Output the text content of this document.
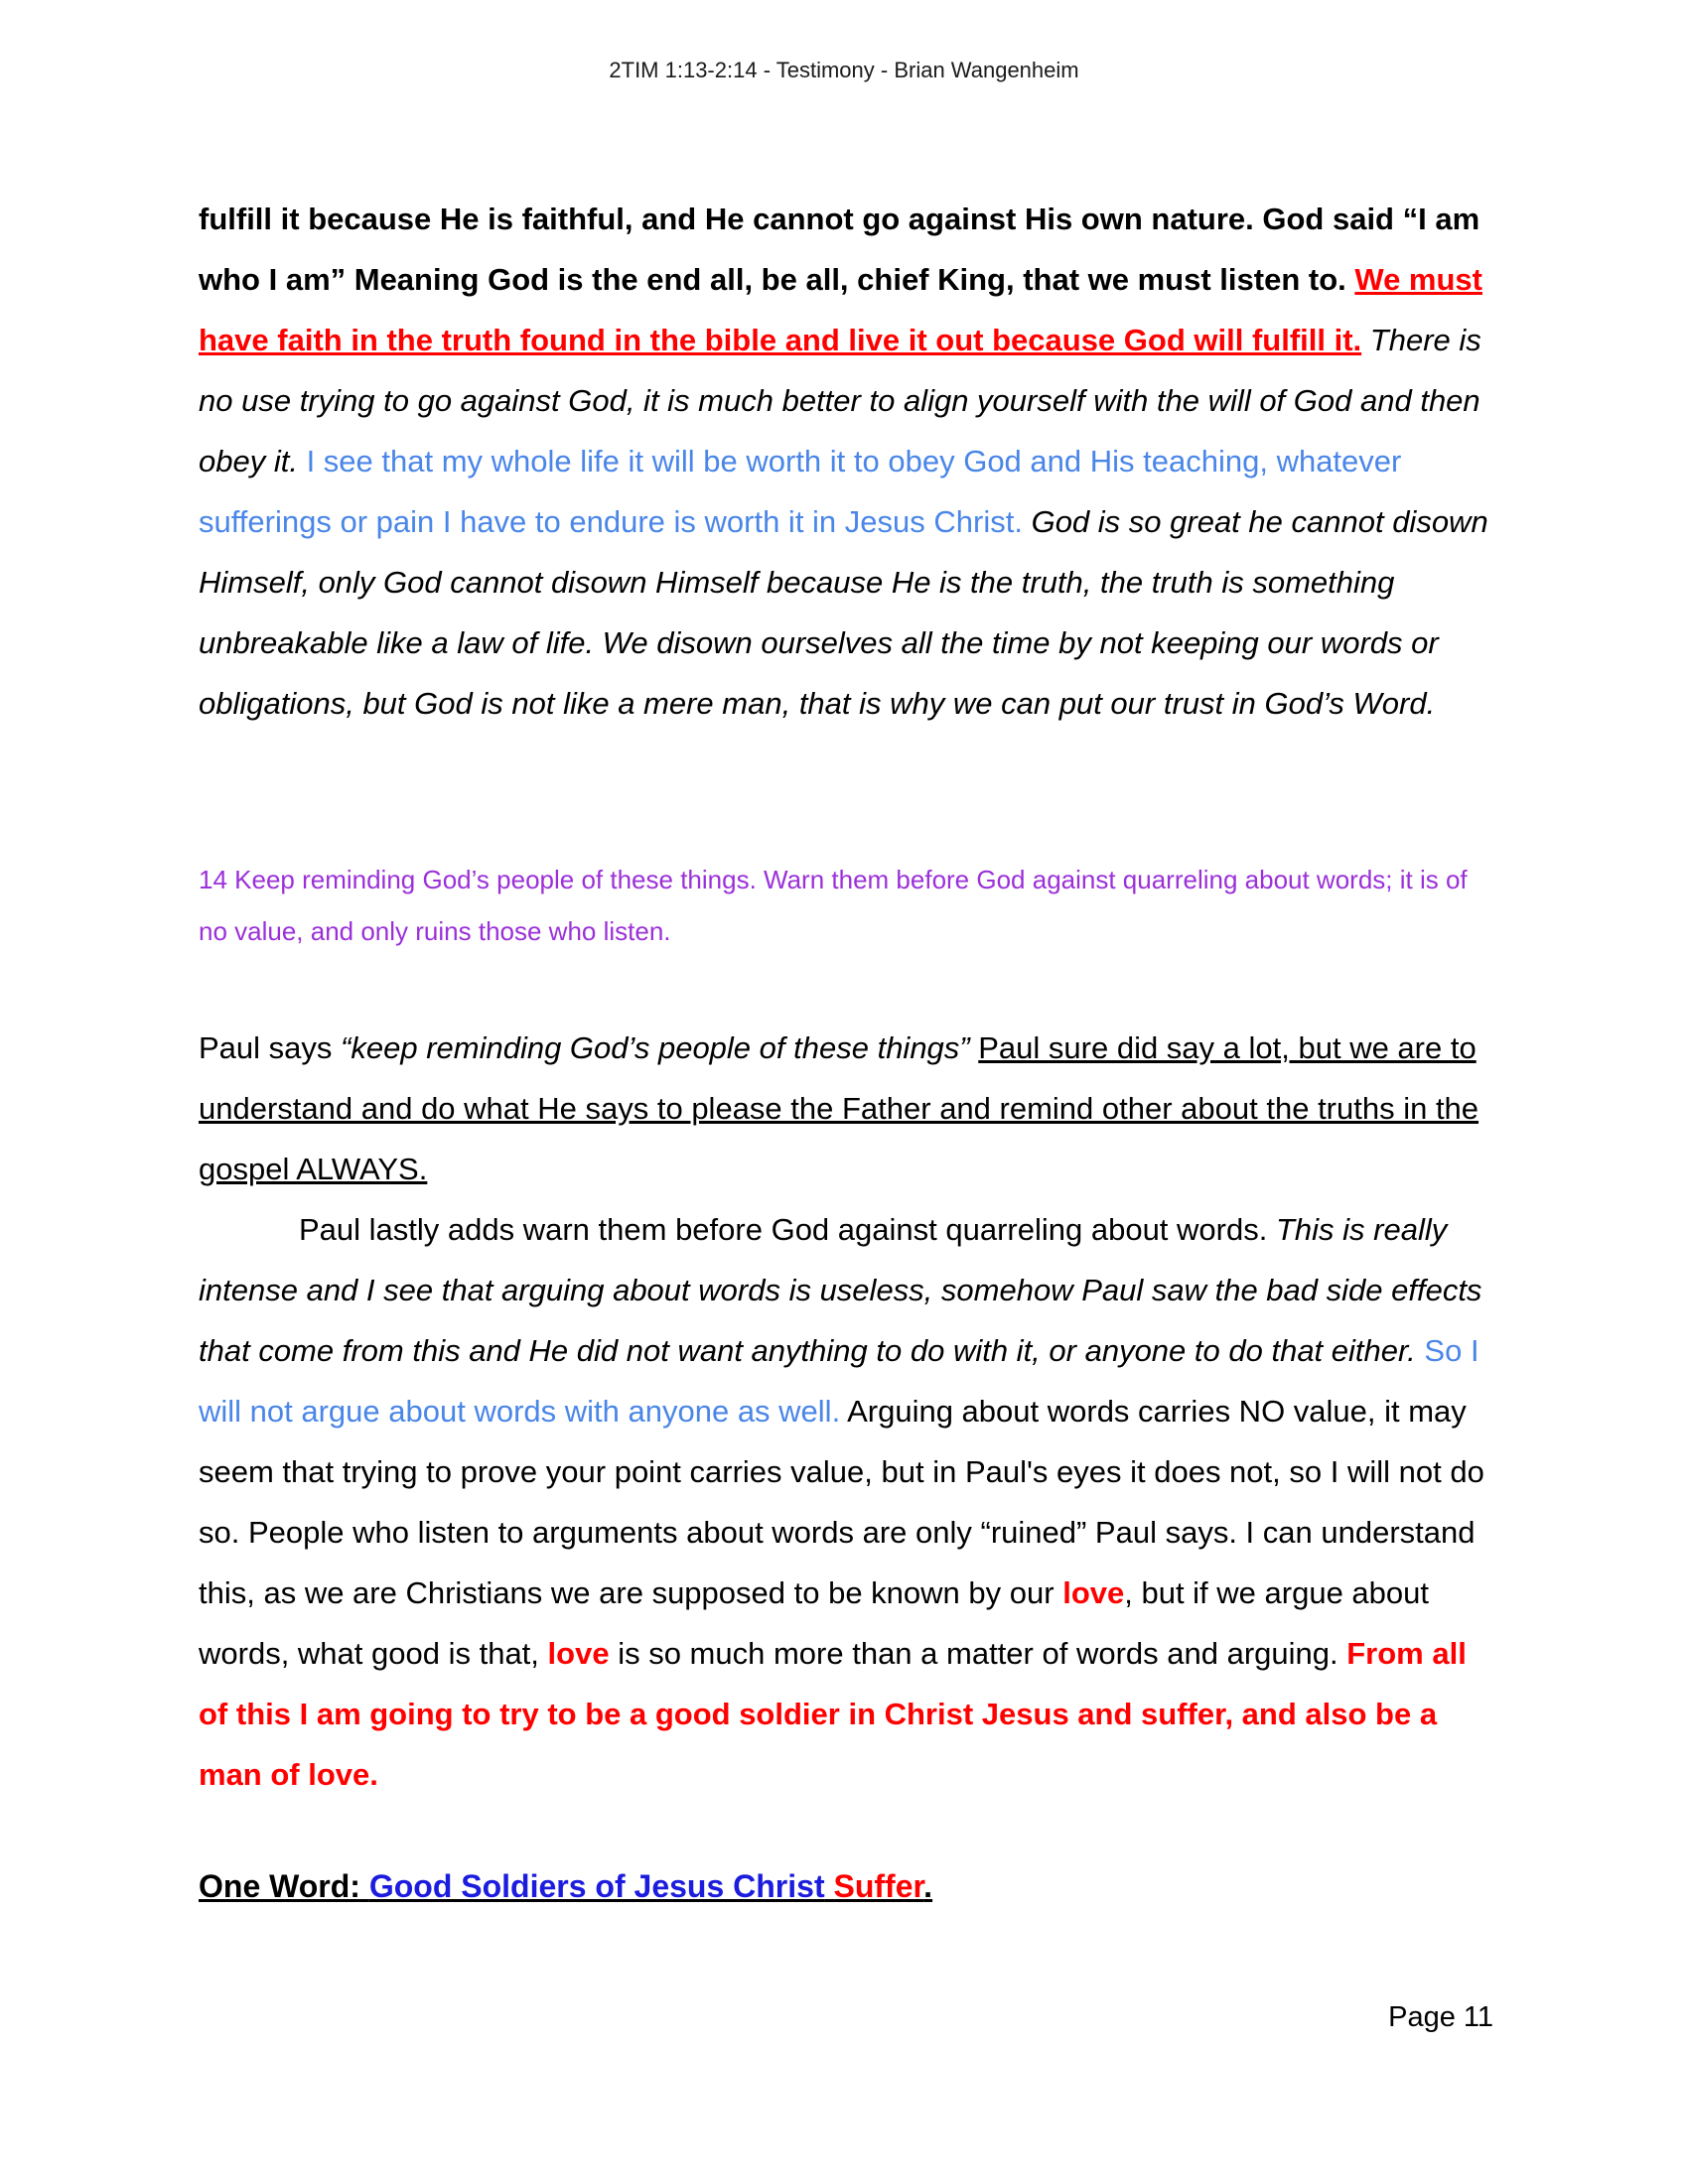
2TIM 1:13-2:14 - Testimony - Brian Wangenheim
fulfill it because He is faithful, and He cannot go against His own nature. God said “I am who I am” Meaning God is the end all, be all, chief King, that we must listen to. We must have faith in the truth found in the bible and live it out because God will fulfill it. There is no use trying to go against God, it is much better to align yourself with the will of God and then obey it. I see that my whole life it will be worth it to obey God and His teaching, whatever sufferings or pain I have to endure is worth it in Jesus Christ. God is so great he cannot disown Himself, only God cannot disown Himself because He is the truth, the truth is something unbreakable like a law of life. We disown ourselves all the time by not keeping our words or obligations, but God is not like a mere man, that is why we can put our trust in God’s Word.
14 Keep reminding God’s people of these things. Warn them before God against quarreling about words; it is of no value, and only ruins those who listen.
Paul says “keep reminding God’s people of these things” Paul sure did say a lot, but we are to understand and do what He says to please the Father and remind other about the truths in the gospel ALWAYS.
Paul lastly adds warn them before God against quarreling about words. This is really intense and I see that arguing about words is useless, somehow Paul saw the bad side effects that come from this and He did not want anything to do with it, or anyone to do that either. So I will not argue about words with anyone as well. Arguing about words carries NO value, it may seem that trying to prove your point carries value, but in Paul's eyes it does not, so I will not do so. People who listen to arguments about words are only “ruined” Paul says. I can understand this, as we are Christians we are supposed to be known by our love, but if we argue about words, what good is that, love is so much more than a matter of words and arguing. From all of this I am going to try to be a good soldier in Christ Jesus and suffer, and also be a man of love.
One Word: Good Soldiers of Jesus Christ Suffer.
Page 11
